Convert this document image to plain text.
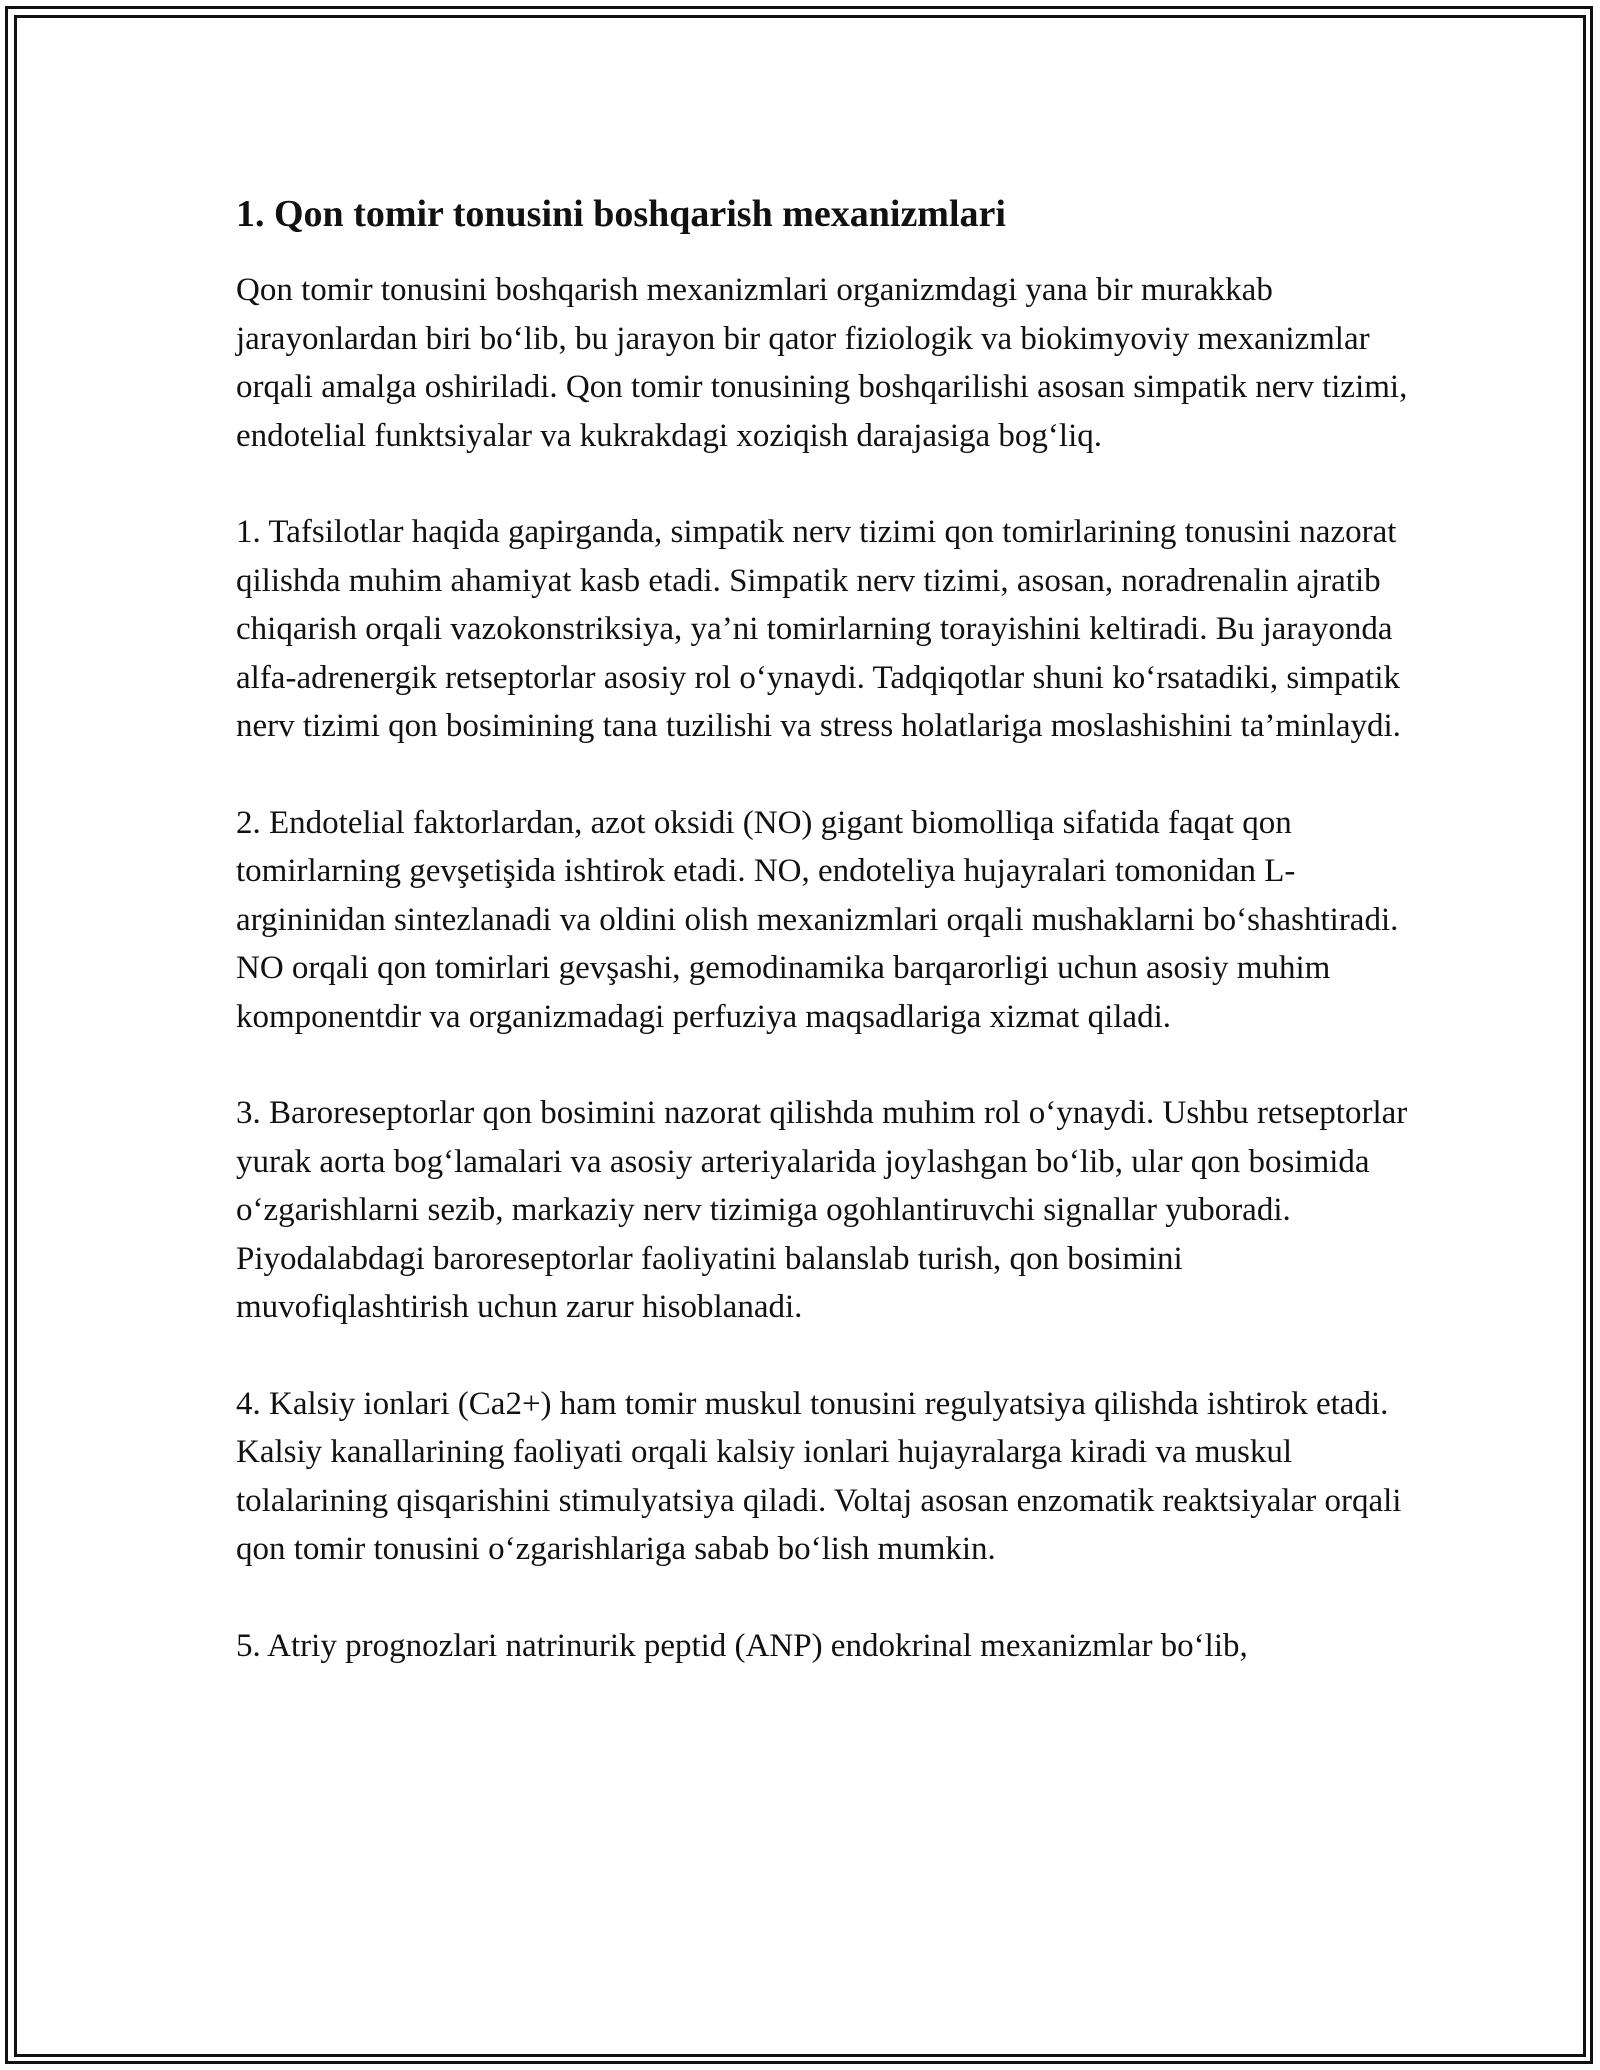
1. Qon tomir tonusini boshqarish mexanizmlari

Qon tomir tonusini boshqarish mexanizmlari organizmdagi yana bir murakkab jarayonlardan biri bo‘lib, bu jarayon bir qator fiziologik va biokimyoviy mexanizmlar orqali amalga oshiriladi. Qon tomir tonusining boshqarilishi asosan simpatik nerv tizimi, endotelial funktsiyalar va kukrakdagi xoziqish darajasiga bog‘liq.

1. Tafsilotlar haqida gapirganda, simpatik nerv tizimi qon tomirlarining tonusini nazorat qilishda muhim ahamiyat kasb etadi. Simpatik nerv tizimi, asosan, noradrenalin ajratib chiqarish orqali vazokonstriksiya, ya’ni tomirlarning torayishini keltiradi. Bu jarayonda alfa-adrenergik retseptorlar asosiy rol o‘ynaydi. Tadqiqotlar shuni ko‘rsatadiki, simpatik nerv tizimi qon bosimining tana tuzilishi va stress holatlariga moslashishini ta’minlaydi.

2. Endotelial faktorlardan, azot oksidi (NO) gigant biomolliqa sifatida faqat qon tomirlarning gevşetişida ishtirok etadi. NO, endoteliya hujayralari tomonidan L-argininidan sintezlanadi va oldini olish mexanizmlari orqali mushaklarni bo‘shashtiradi. NO orqali qon tomirlari gevşashi, gemodinamika barqarorligi uchun asosiy muhim komponentdir va organizmadagi perfuziya maqsadlariga xizmat qiladi.

3. Baroreseptorlar qon bosimini nazorat qilishda muhim rol o‘ynaydi. Ushbu retseptorlar yurak aorta bog‘lamalari va asosiy arteriyalarida joylashgan bo‘lib, ular qon bosimida o‘zgarishlarni sezib, markaziy nerv tizimiga ogohlantiruvchi signallar yuboradi. Piyodalabdagi baroreseptorlar faoliyatini balanslab turish, qon bosimini muvofiqlashtirish uchun zarur hisoblanadi.

4. Kalsiy ionlari (Ca2+) ham tomir muskul tonusini regulyatsiya qilishda ishtirok etadi. Kalsiy kanallarining faoliyati orqali kalsiy ionlari hujayralarga kiradi va muskul tolalarining qisqarishini stimulyatsiya qiladi. Voltaj asosan enzomatik reaktsiyalar orqali qon tomir tonusini o‘zgarishlariga sabab bo‘lish mumkin.

5. Atriy prognozlari natrinurik peptid (ANP) endokrinal mexanizmlar bo‘lib,
